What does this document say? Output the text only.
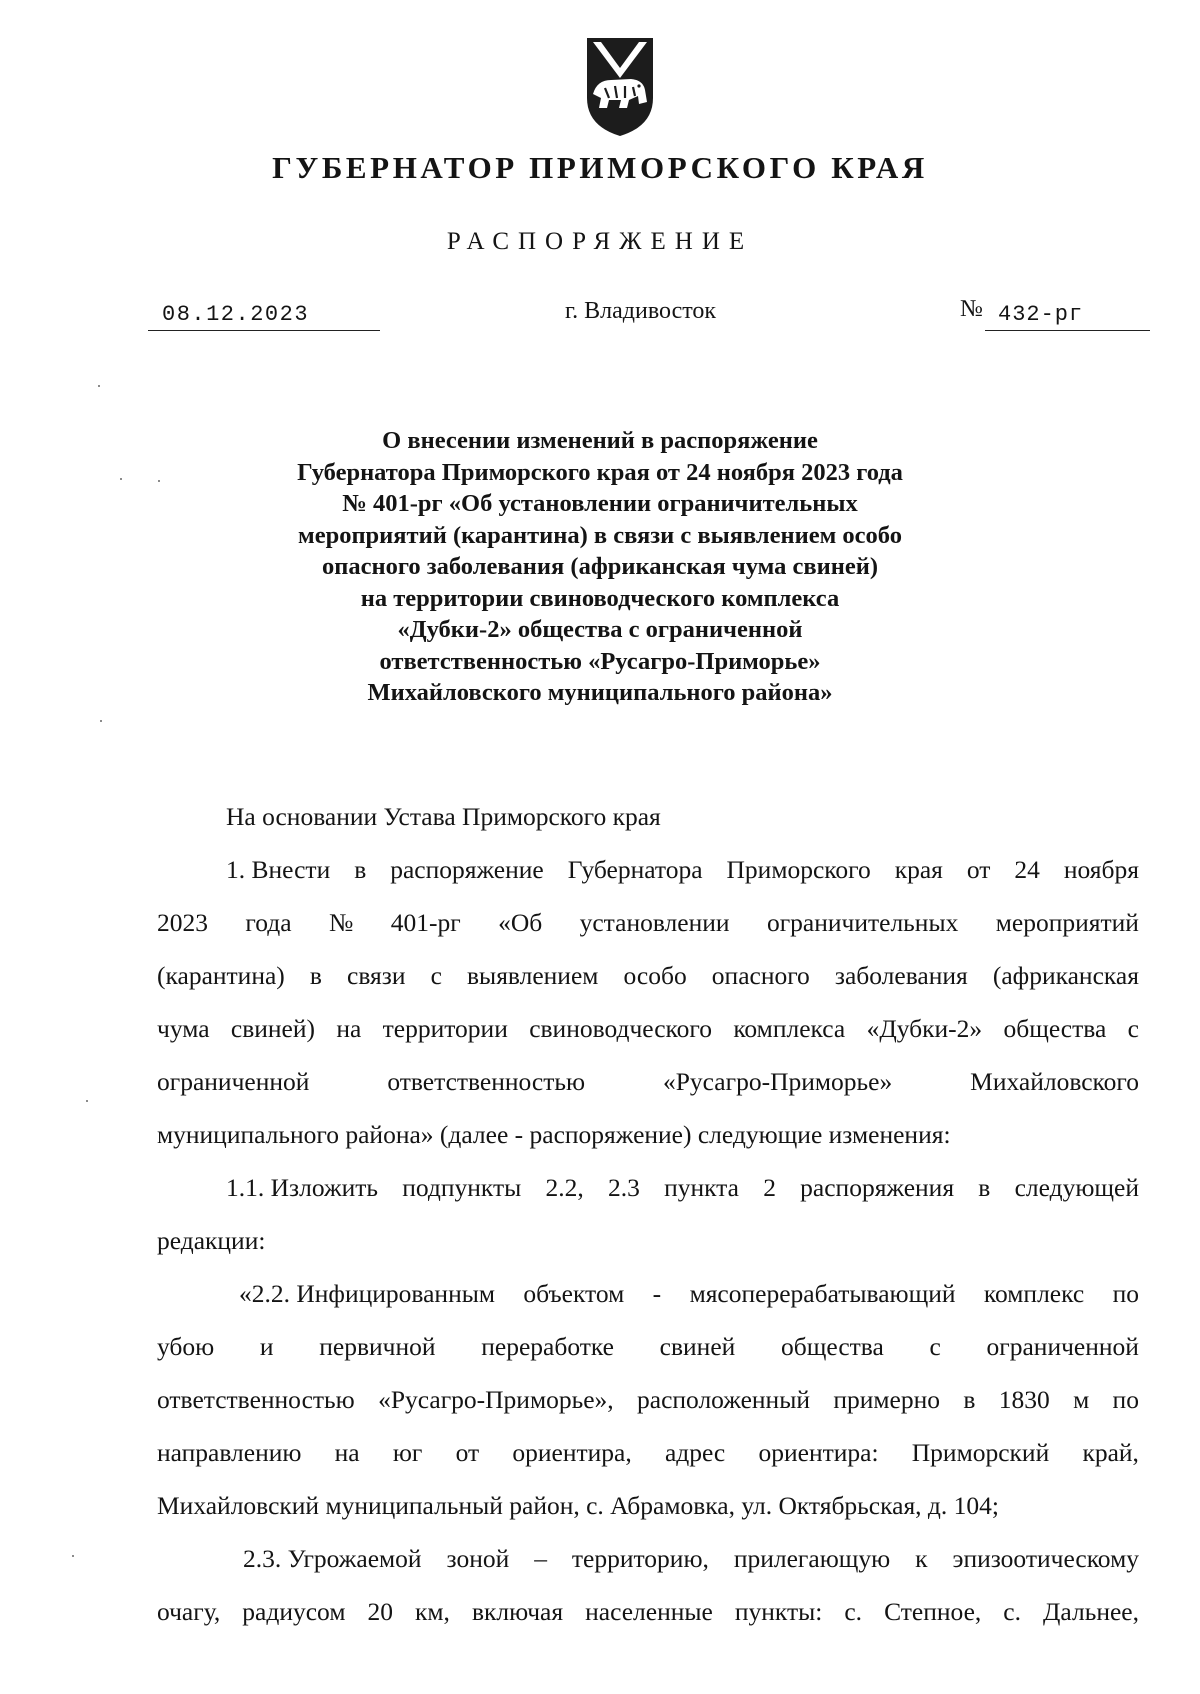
ГУБЕРНАТОР ПРИМОРСКОГО КРАЯ
РАСПОРЯЖЕНИЕ
08.12.2023	г. Владивосток	№ 432-рг
О внесении изменений в распоряжение
Губернатора Приморского края от 24 ноября 2023 года
№ 401-рг «Об установлении ограничительных
мероприятий (карантина) в связи с выявлением особо
опасного заболевания (африканская чума свиней)
на территории свиноводческого комплекса
«Дубки-2» общества с ограниченной
ответственностью «Русагро-Приморье»
Михайловского муниципального района»
На основании Устава Приморского края
1. Внести в распоряжение Губернатора Приморского края от 24 ноября
2023 года № 401-рг «Об установлении ограничительных мероприятий
(карантина) в связи с выявлением особо опасного заболевания (африканская
чума свиней) на территории свиноводческого комплекса «Дубки-2» общества с
ограниченной	ответственностью	«Русагро-Приморье»	Михайловского
муниципального района» (далее - распоряжение) следующие изменения:
1.1. Изложить подпункты 2.2, 2.3 пункта 2 распоряжения в следующей
редакции:
«2.2. Инфицированным объектом - мясоперерабатывающий комплекс по
убою и первичной переработке свиней общества с ограниченной
ответственностью «Русагро-Приморье», расположенный примерно в 1830 м по
направлению на юг от ориентира, адрес ориентира: Приморский край,
Михайловский муниципальный район, с. Абрамовка, ул. Октябрьская, д. 104;
2.3. Угрожаемой зоной – территорию, прилегающую к эпизоотическому
очагу, радиусом 20 км, включая населенные пункты: с. Степное, с. Дальнее,
